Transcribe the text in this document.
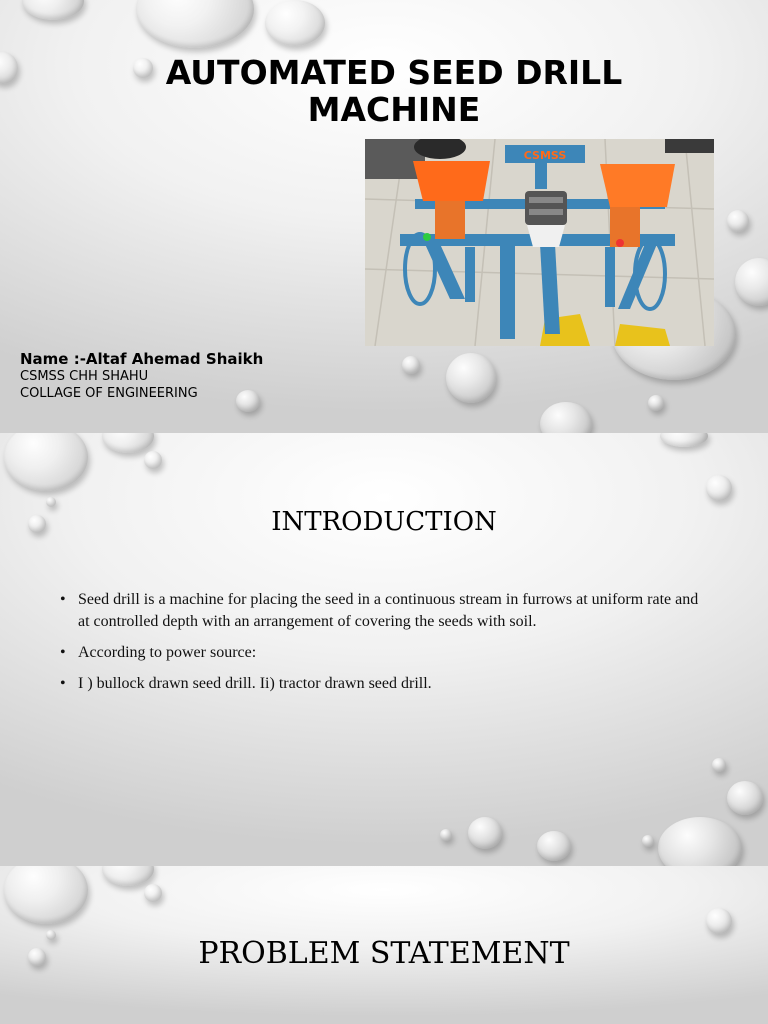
AUTOMATED SEED DRILL
MACHINE
CSMSS
Name :-Altaf Ahemad Shaikh
CSMSS CHH SHAHU
COLLAGE OF ENGINEERING
INTRODUCTION
• Seed drill is a machine for placing the seed in a continuous stream in furrows at uniform rate and at controlled depth with an arrangement of covering the seeds with soil.
• According to power source:
• I ) bullock drawn seed drill. Ii) tractor drawn seed drill.
PROBLEM STATEMENT
